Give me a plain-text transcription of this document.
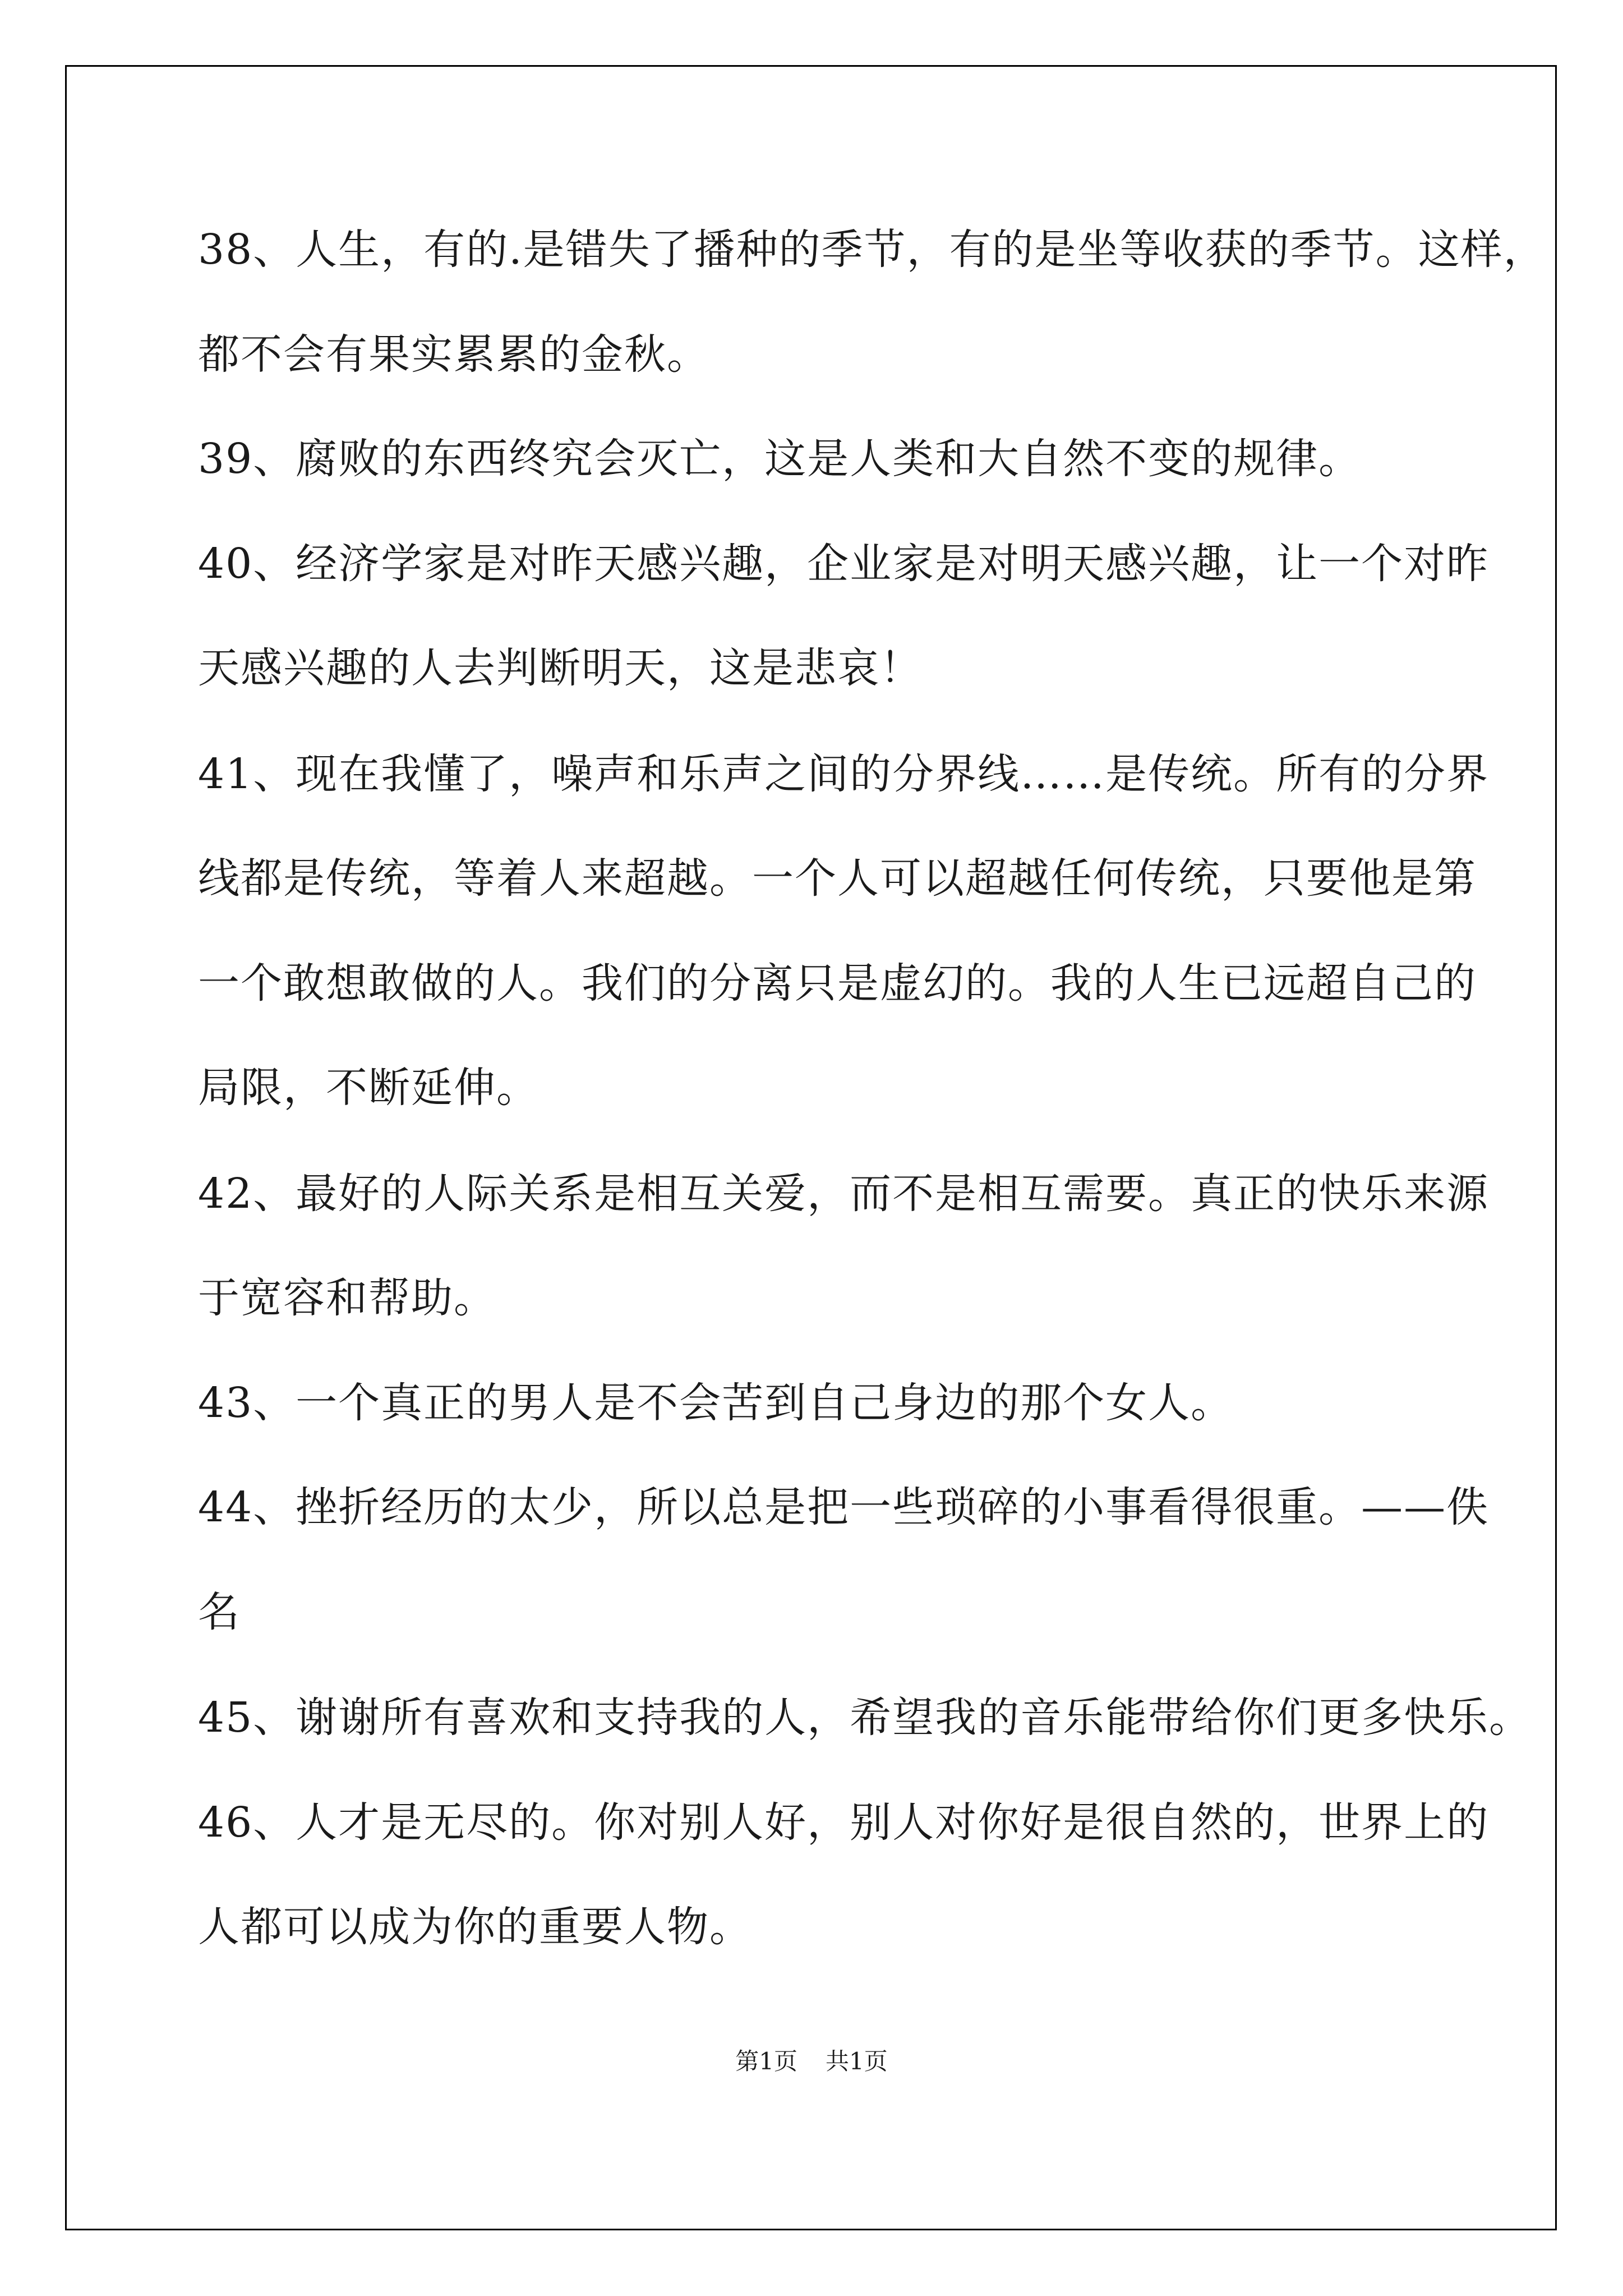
38、人生，有的.是错失了播种的季节，有的是坐等收获的季节。这样，
都不会有果实累累的金秋。
39、腐败的东西终究会灭亡，这是人类和大自然不变的规律。
40、经济学家是对昨天感兴趣，企业家是对明天感兴趣，让一个对昨
天感兴趣的人去判断明天，这是悲哀！
41、现在我懂了，噪声和乐声之间的分界线……是传统。所有的分界
线都是传统，等着人来超越。一个人可以超越任何传统，只要他是第
一个敢想敢做的人。我们的分离只是虚幻的。我的人生已远超自己的
局限，不断延伸。
42、最好的人际关系是相互关爱，而不是相互需要。真正的快乐来源
于宽容和帮助。
43、一个真正的男人是不会苦到自己身边的那个女人。
44、挫折经历的太少，所以总是把一些琐碎的小事看得很重。——佚
名
45、谢谢所有喜欢和支持我的人，希望我的音乐能带给你们更多快乐。
46、人才是无尽的。你对别人好，别人对你好是很自然的，世界上的
人都可以成为你的重要人物。
第1页 共1页
